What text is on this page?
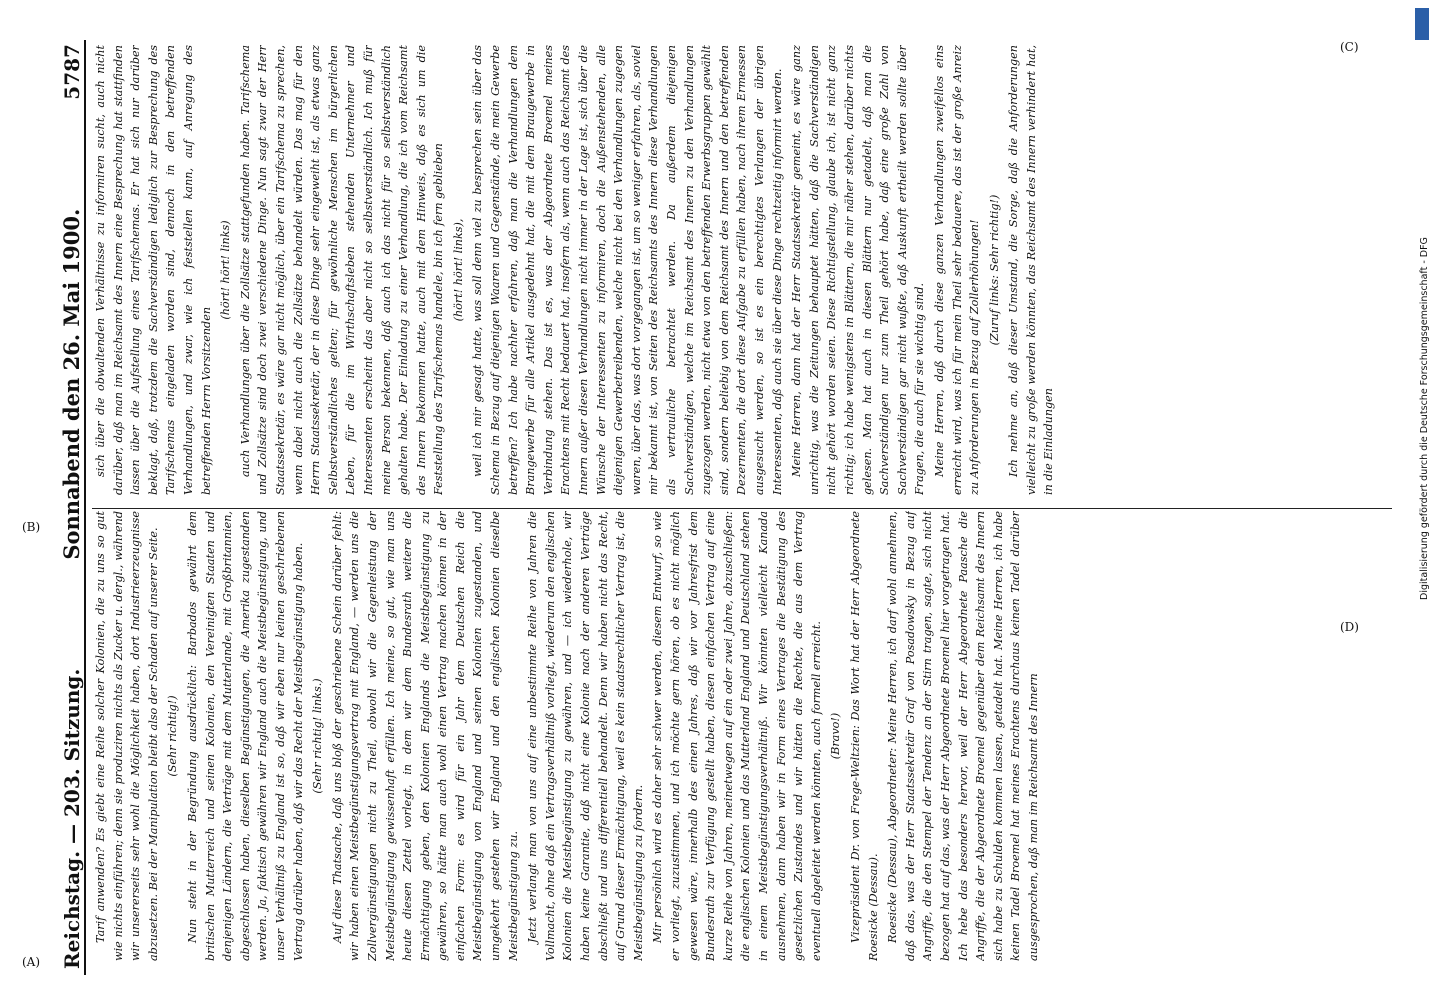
Reichstag. — 203. Sitzung.
Sonnabend den 26. Mai 1900.
5787

Tarif anwenden? Es giebt eine Reihe solcher Kolonien, die zu uns so gut wie nichts einführen; denn sie produziren nichts als Zucker u. dergl., während wir unsererseits sehr wohl die Möglichkeit haben, dort Industrieerzeugnisse abzusetzen. Bei der Manipulation bleibt also der Schaden auf unserer Seite. (Sehr richtig!) Nun steht in der Begründung ausdrücklich: Barbados gewährt dem britischen Mutterreich und seinen Kolonien, den Vereinigten Staaten und denjenigen Ländern, die Verträge mit dem Mutterlande, mit Großbritannien, abgeschlossen haben, dieselben Begünstigungen, die Amerika zugestanden werden. Ja, faktisch gewähren wir England auch die Meistbegünstigung, und unser Verhältniß zu England ist so, daß wir eben nur keinen geschriebenen Vertrag darüber haben, daß wir das Recht der Meistbegünstigung haben. (Sehr richtig! links.) Auf diese Thatsache, daß uns bloß der geschriebene Schein darüber fehlt: wir haben einen Meistbegünstigungsvertrag mit England, — werden uns die Zollvergünstigungen nicht zu Theil, obwohl wir die Gegenleistung der Meistbegünstigung gewissenhaft erfüllen. Ich meine, so gut, wie man uns heute diesen Zettel vorlegt, in dem wir dem Bundesrath weitere die Ermächtigung geben, den Kolonien Englands die Meistbegünstigung zu gewähren, so hätte man auch wohl einen Vertrag machen können in der einfachen Form: es wird für ein Jahr dem Deutschen Reich die Meistbegünstigung von England und seinen Kolonien zugestanden, und umgekehrt gestehen wir England und den englischen Kolonien dieselbe Meistbegünstigung zu. Jetzt verlangt man von uns auf eine unbestimmte Reihe von Jahren die Vollmacht, ohne daß ein Vertragsverhältniß vorliegt, wiederum den englischen Kolonien die Meistbegünstigung zu gewähren, und — ich wiederhole, wir haben keine Garantie, daß nicht eine Kolonie nach der anderen Verträge abschließt und uns differentiell behandelt. Denn wir haben nicht das Recht, auf Grund dieser Ermächtigung, weil es kein staatsrechtlicher Vertrag ist, die Meistbegünstigung zu fordern. Mir persönlich wird es daher sehr schwer werden, diesem Entwurf, so wie er vorliegt, zuzustimmen, und ich möchte gern hören, ob es nicht möglich gewesen wäre, innerhalb des einen Jahres, daß wir vor Jahresfrist dem Bundesrath zur Verfügung gestellt haben, diesen einfachen Vertrag auf eine kurze Reihe von Jahren, meinetwegen auf ein oder zwei Jahre, abzuschließen: die englischen Kolonien und das Mutterland England und Deutschland stehen in einem Meistbegünstigungsverhältniß. Wir könnten vielleicht Kanada ausnehmen, dann haben wir in Form eines Vertrages die Bestätigung des gesetzlichen Zustandes und wir hätten die Rechte, die aus dem Vertrag eventuell abgeleitet werden könnten, auch formell erreicht. (Bravo!) Vizepräsident Dr. von Frege-Weltzien: Das Wort hat der Herr Abgeordnete Roesicke (Dessau). Roesicke (Dessau), Abgeordneter: Meine Herren, ich darf wohl annehmen, daß das, was der Herr Staatssekretär Graf von Posadowsky in Bezug auf Angriffe, die den Stempel der Tendenz an der Stirn tragen, sagte, sich nicht bezogen hat auf das, was der Herr Abgeordnete Broemel hier vorgetragen hat. Ich hebe das besonders hervor, weil der Herr Abgeordnete Paasche die Angriffe, die der Abgeordnete Broemel gegenüber dem Reichsamt des Innern sich habe zu Schulden kommen lassen, getadelt hat. Meine Herren, ich habe keinen Tadel Broemel hat meines Erachtens durchaus keinen Tadel darüber ausgesprochen, daß man im Reichsamt des Innern

sich über die obwaltenden Verhältnisse zu informiren sucht, auch nicht darüber, daß man im Reichsamt des Innern eine Besprechung hat stattfinden lassen über die Aufstellung eines Tarifschemas. Er hat sich nur darüber beklagt, daß, trotzdem die Sachverständigen lediglich zur Besprechung des Tarifschemas eingeladen worden sind, dennoch in den betreffenden Verhandlungen, und zwar, wie ich feststellen kann, auf Anregung des betreffenden Herrn Vorsitzenden

(hört! hört! links) auch Verhandlungen über die Zollsätze stattgefunden haben. Tarifschema und Zollsätze sind doch zwei verschiedene Dinge. Nun sagt zwar der Herr Staatssekretär, es wäre gar nicht möglich, über ein Tarifschema zu sprechen, wenn dabei nicht auch die Zollsätze behandelt würden. Das mag für den Herrn Staatssekretär, der in diese Dinge sehr eingeweiht ist, als etwas ganz Selbstverständliches gelten; für gewöhnliche Menschen im bürgerlichen Leben, für die im Wirthschaftsleben stehenden Unternehmer und Interessenten erscheint das aber nicht so selbstverständlich. Ich muß für meine Person bekennen, daß auch ich das nicht für so selbstverständlich gehalten habe. Der Einladung zu einer Verhandlung, die ich vom Reichsamt des Innern bekommen hatte, auch mit dem Hinweis, daß es sich um die Feststellung des Tarifschemas handele, bin ich fern geblieben (hört! hört! links), weil ich mir gesagt hatte, was soll denn viel zu besprechen sein über das Schema in Bezug auf diejenigen Waaren und Gegenstände, die mein Gewerbe betreffen? Ich habe nachher erfahren, daß man die Verhandlungen dem Brangewerbe für alle Artikel ausgedehnt hat, die mit dem Braugewerbe in Verbindung stehen. Das ist es, was der Abgeordnete Broemel meines Erachtens mit Recht bedauert hat, insofern als, wenn auch das Reichsamt des Innern außer diesen Verhandlungen nicht immer in der Lage ist, sich über die Wünsche der Interessenten zu informiren, doch die Außenstehenden, alle diejenigen Gewerbetreibenden, welche nicht bei den Verhandlungen zugegen waren, über das, was dort vorgegangen ist, um so weniger erfahren, als, soviel mir bekannt ist, von Seiten des Reichsamts des Innern diese Verhandlungen als vertrauliche betrachtet werden. Da außerdem diejenigen Sachverständigen, welche im Reichsamt des Innern zu den Verhandlungen zugezogen werden, nicht etwa von den betreffenden Erwerbsgruppen gewählt sind, sondern beliebig von dem Reichsamt des Innern und den betreffenden Dezernenten, die dort diese Aufgabe zu erfüllen haben, nach ihrem Ermessen ausgesucht werden, so ist es ein berechtigtes Verlangen der übrigen Interessenten, daß auch sie über diese Dinge rechtzeitig informirt werden. Meine Herren, dann hat der Herr Staatssekretär gemeint, es wäre ganz unrichtig, was die Zeitungen behauptet hätten, daß die Sachverständigen nicht gehört worden seien. Diese Richtigstellung, glaube ich, ist nicht ganz richtig; ich habe wenigstens in Blättern, die mir näher stehen, darüber nichts gelesen. Man hat auch in diesen Blättern nur getadelt, daß man die Sachverständigen nur zum Theil gehört habe, daß eine große Zahl von Sachverständigen gar nicht wußte, daß Auskunft ertheilt werden sollte über Fragen, die auch für sie wichtig sind. Meine Herren, daß durch diese ganzen Verhandlungen zweifellos eins erreicht wird, was ich für mein Theil sehr bedauere, das ist der große Anreiz zu Anforderungen in Bezug auf Zollerhöhungen! (Zuruf links: Sehr richtig!) Ich nehme an, daß dieser Umstand, die Sorge, daß die Anforderungen vielleicht zu große werden könnten, das Reichsamt des Innern verhindert hat, in die Einladungen

(A)
(B)
(C)
(D)
Digitalisierung gefördert durch die Deutsche Forschungsgemeinschaft - DFG
